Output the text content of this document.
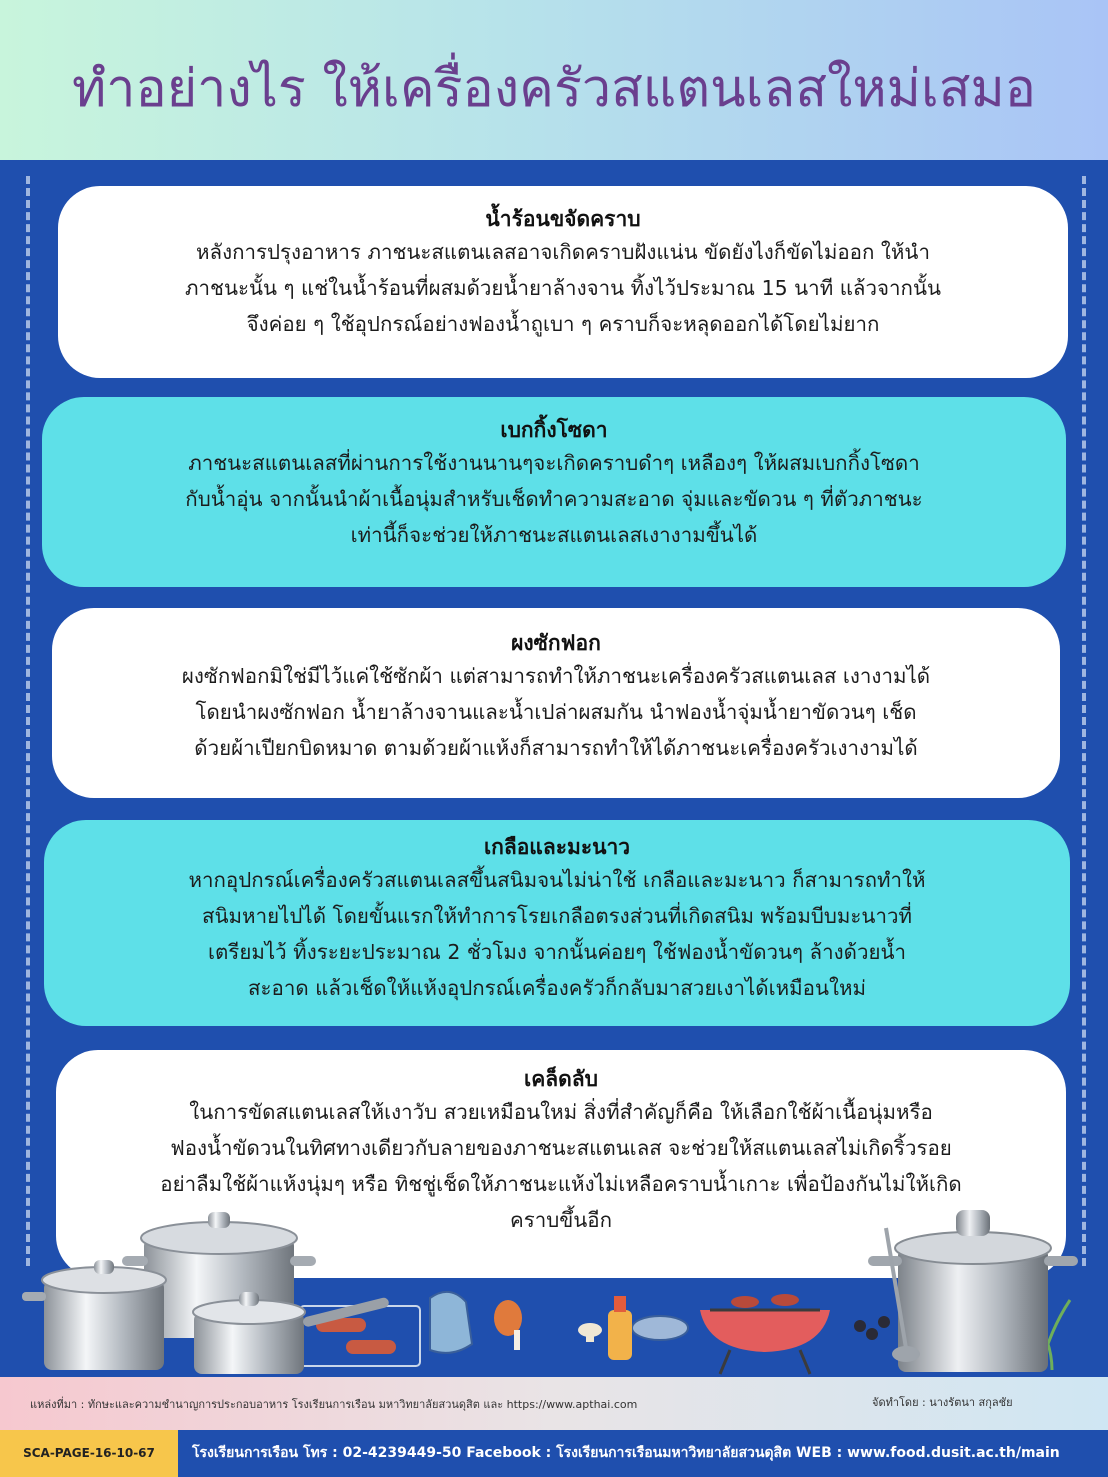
ทำอย่างไร ให้เครื่องครัวสแตนเลสใหม่เสมอ
น้ำร้อนขจัดคราบ

หลังการปรุงอาหาร ภาชนะสแตนเลสอาจเกิดคราบฝังแน่น ขัดยังไงก็ขัดไม่ออก ให้นำ
ภาชนะนั้น ๆ แช่ในน้ำร้อนที่ผสมด้วยน้ำยาล้างจาน ทิ้งไว้ประมาณ 15 นาที แล้วจากนั้น
จึงค่อย ๆ ใช้อุปกรณ์อย่างฟองน้ำถูเบา ๆ คราบก็จะหลุดออกได้โดยไม่ยาก

เบกกิ้งโซดา

ภาชนะสแตนเลสที่ผ่านการใช้งานนานๆจะเกิดคราบดำๆ เหลืองๆ ให้ผสมเบกกิ้งโซดา
กับน้ำอุ่น จากนั้นนำผ้าเนื้อนุ่มสำหรับเช็ดทำความสะอาด จุ่มและขัดวน ๆ ที่ตัวภาชนะ
เท่านี้ก็จะช่วยให้ภาชนะสแตนเลสเงางามขึ้นได้

ผงซักฟอก

ผงซักฟอกมิใช่มีไว้แค่ใช้ซักผ้า แต่สามารถทำให้ภาชนะเครื่องครัวสแตนเลส เงางามได้
โดยนำผงซักฟอก น้ำยาล้างจานและน้ำเปล่าผสมกัน นำฟองน้ำจุ่มน้ำยาขัดวนๆ เช็ด
ด้วยผ้าเปียกบิดหมาด ตามด้วยผ้าแห้งก็สามารถทำให้ได้ภาชนะเครื่องครัวเงางามได้

เกลือและมะนาว

หากอุปกรณ์เครื่องครัวสแตนเลสขึ้นสนิมจนไม่น่าใช้ เกลือและมะนาว ก็สามารถทำให้
สนิมหายไปได้ โดยขั้นแรกให้ทำการโรยเกลือตรงส่วนที่เกิดสนิม พร้อมบีบมะนาวที่
เตรียมไว้ ทิ้งระยะประมาณ 2 ชั่วโมง จากนั้นค่อยๆ ใช้ฟองน้ำขัดวนๆ ล้างด้วยน้ำ
สะอาด แล้วเช็ดให้แห้งอุปกรณ์เครื่องครัวก็กลับมาสวยเงาได้เหมือนใหม่

เคล็ดลับ

ในการขัดสแตนเลสให้เงาวับ สวยเหมือนใหม่ สิ่งที่สำคัญก็คือ ให้เลือกใช้ผ้าเนื้อนุ่มหรือ
ฟองน้ำขัดวนในทิศทางเดียวกับลายของภาชนะสแตนเลส จะช่วยให้สแตนเลสไม่เกิดริ้วรอย
อย่าลืมใช้ผ้าแห้งนุ่มๆ หรือ ทิชชู่เช็ดให้ภาชนะแห้งไม่เหลือคราบน้ำเกาะ เพื่อป้องกันไม่ให้เกิด
คราบขึ้นอีก

แหล่งที่มา : ทักษะและความชำนาญการประกอบอาหาร โรงเรียนการเรือน มหาวิทยาลัยสวนดุสิต และ https://www.apthai.com	จัดทำโดย : นางรัตนา สกุลชัย
SCA-PAGE-16-10-67	โรงเรียนการเรือน โทร : 02-4239449-50 Facebook : โรงเรียนการเรือนมหาวิทยาลัยสวนดุสิต WEB : www.food.dusit.ac.th/main
